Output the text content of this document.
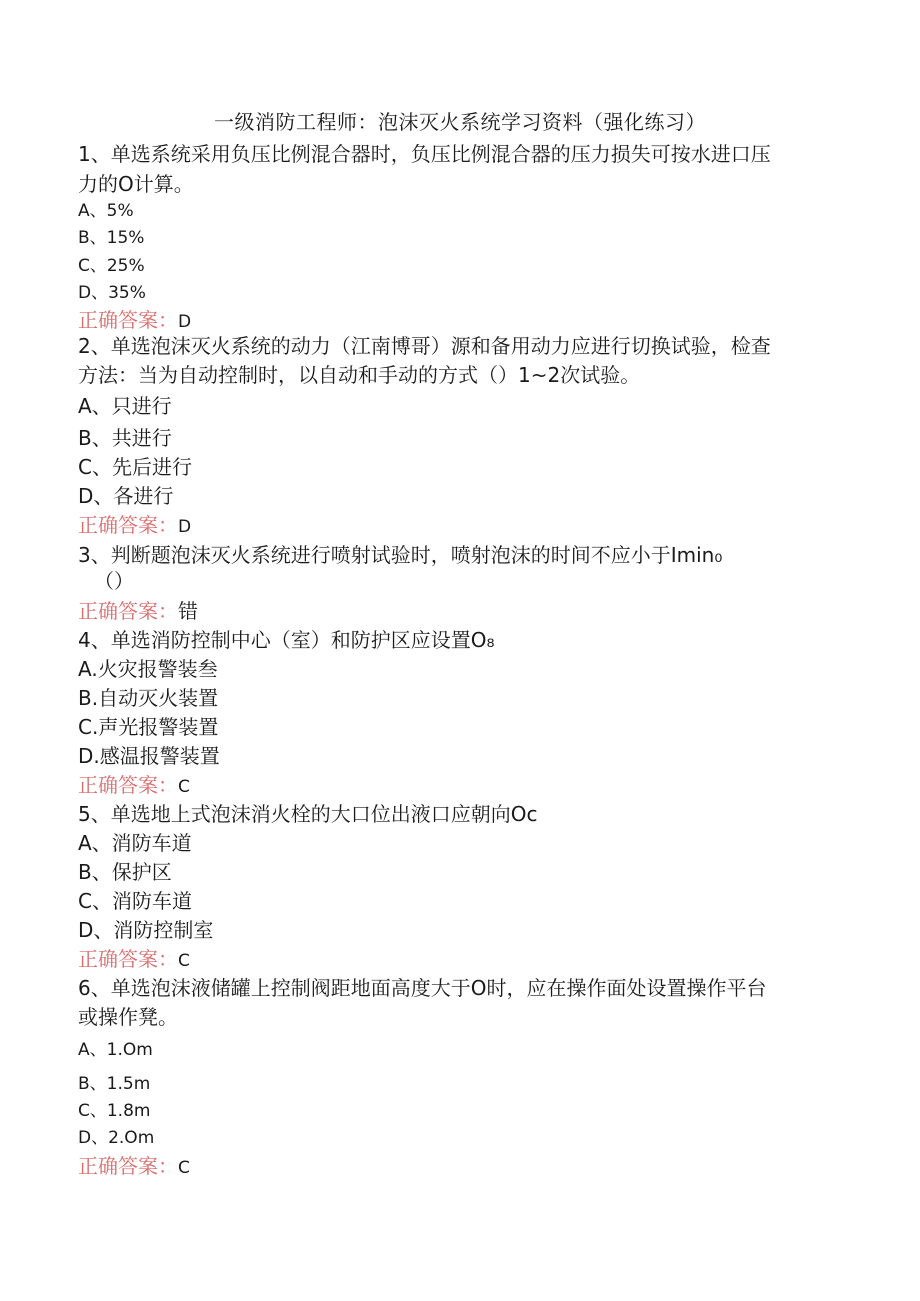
一级消防工程师：泡沫灭火系统学习资料（强化练习）
1、单选系统采用负压比例混合器时，负压比例混合器的压力损失可按水进口压
力的O计算。
A、5%
B、15%
C、25%
D、35%
正确答案：D
2、单选泡沫灭火系统的动力（江南博哥）源和备用动力应进行切换试验，检查
方法：当为自动控制时，以自动和手动的方式（）1~2次试验。
A、只进行
B、共进行
C、先后进行
D、各进行
正确答案：D
3、判断题泡沫灭火系统进行喷射试验时，喷射泡沫的时间不应小于Imin₀
（）
正确答案：错
4、单选消防控制中心（室）和防护区应设置O₈
A.火灾报警装叁
B.自动灭火装置
C.声光报警装置
D.感温报警装置
正确答案：C
5、单选地上式泡沫消火栓的大口位出液口应朝向Oc
A、消防车道
B、保护区
C、消防车道
D、消防控制室
正确答案：C
6、单选泡沫液储罐上控制阀距地面高度大于O时，应在操作面处设置操作平台
或操作凳。
A、1.Om
B、1.5m
C、1.8m
D、2.Om
正确答案：C
